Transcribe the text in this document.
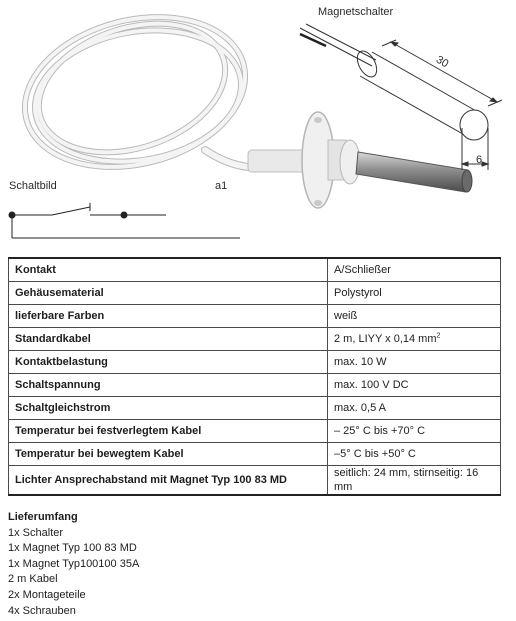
Magnetschalter
Schaltbild	a1
30
6
Kontakt	A/Schließer
Gehäusematerial	Polystyrol
lieferbare Farben	weiß
Standardkabel	2 m, LIYY x 0,14 $mm^2$
Kontaktbelastung	max. 10 W
Schaltspannung	max. 100 V DC
Schaltgleichstrom	max. 0,5 A
Temperatur bei festverlegtem Kabel	– 25° C bis +70° C
Temperatur bei bewegtem Kabel	–5° C bis +50° C
Lichter Ansprechabstand mit Magnet Typ 100 83 MD	seitlich: 24 mm, stirnseitig: 16 mm
Lieferumfang
1x Schalter
1x Magnet Typ 100 83 MD
1x Magnet Typ100100 35A
2 m Kabel
2x Montageteile
4x Schrauben
